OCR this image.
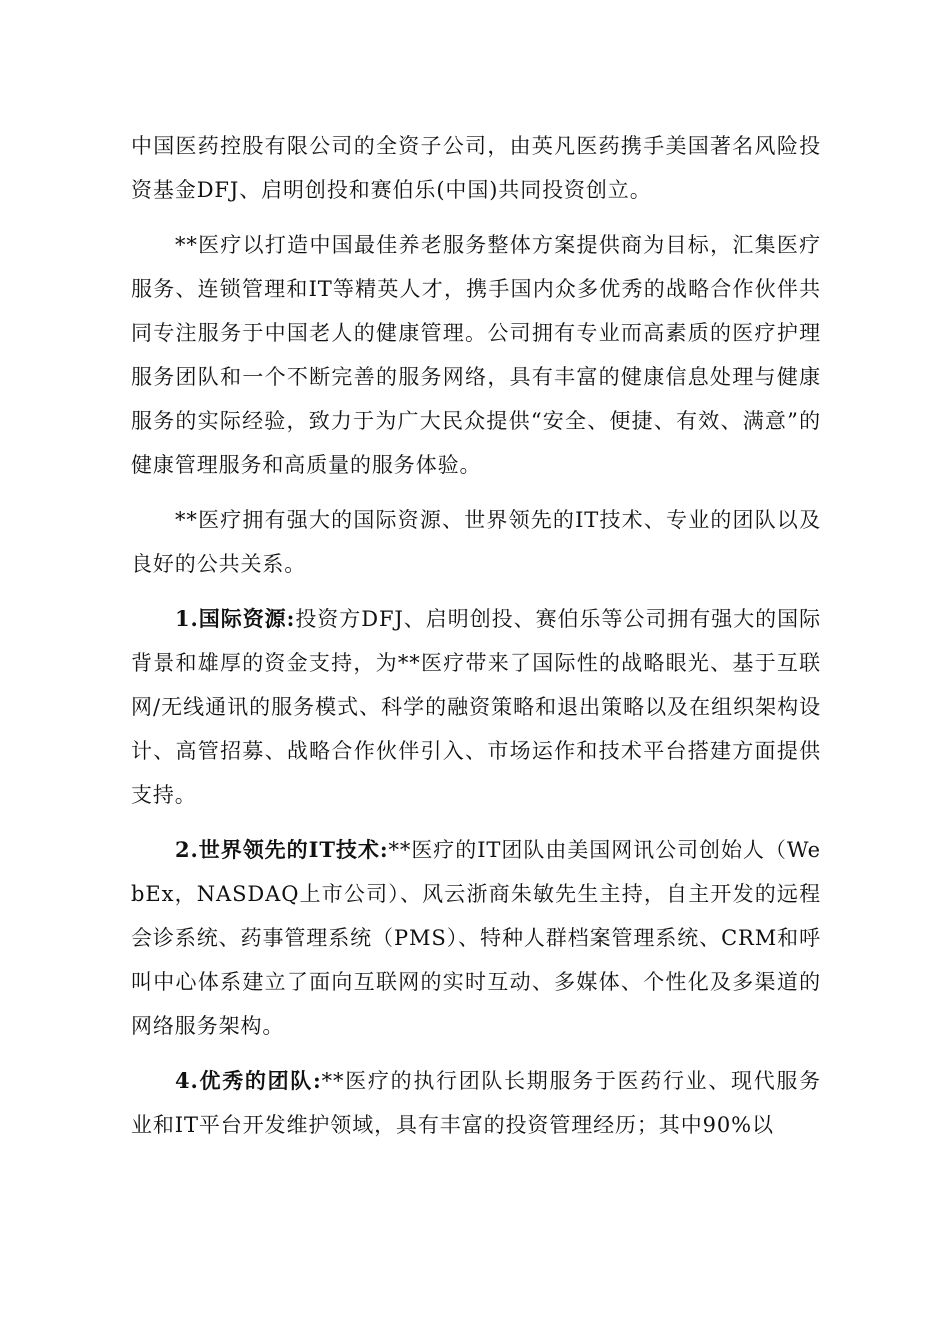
中国医药控股有限公司的全资子公司，由英凡医药携手美国著名风险投资基金DFJ、启明创投和赛伯乐(中国)共同投资创立。

**医疗以打造中国最佳养老服务整体方案提供商为目标，汇集医疗服务、连锁管理和IT等精英人才，携手国内众多优秀的战略合作伙伴共同专注服务于中国老人的健康管理。公司拥有专业而高素质的医疗护理服务团队和一个不断完善的服务网络，具有丰富的健康信息处理与健康服务的实际经验，致力于为广大民众提供“安全、便捷、有效、满意”的健康管理服务和高质量的服务体验。

**医疗拥有强大的国际资源、世界领先的IT技术、专业的团队以及良好的公共关系。

1.国际资源:投资方DFJ、启明创投、赛伯乐等公司拥有强大的国际背景和雄厚的资金支持，为**医疗带来了国际性的战略眼光、基于互联网/无线通讯的服务模式、科学的融资策略和退出策略以及在组织架构设计、高管招募、战略合作伙伴引入、市场运作和技术平台搭建方面提供支持。

2.世界领先的IT技术:**医疗的IT团队由美国网讯公司创始人（WebEx，NASDAQ上市公司）、风云浙商朱敏先生主持，自主开发的远程会诊系统、药事管理系统（PMS）、特种人群档案管理系统、CRM和呼叫中心体系建立了面向互联网的实时互动、多媒体、个性化及多渠道的网络服务架构。

4.优秀的团队:**医疗的执行团队长期服务于医药行业、现代服务业和IT平台开发维护领域，具有丰富的投资管理经历；其中90%以
